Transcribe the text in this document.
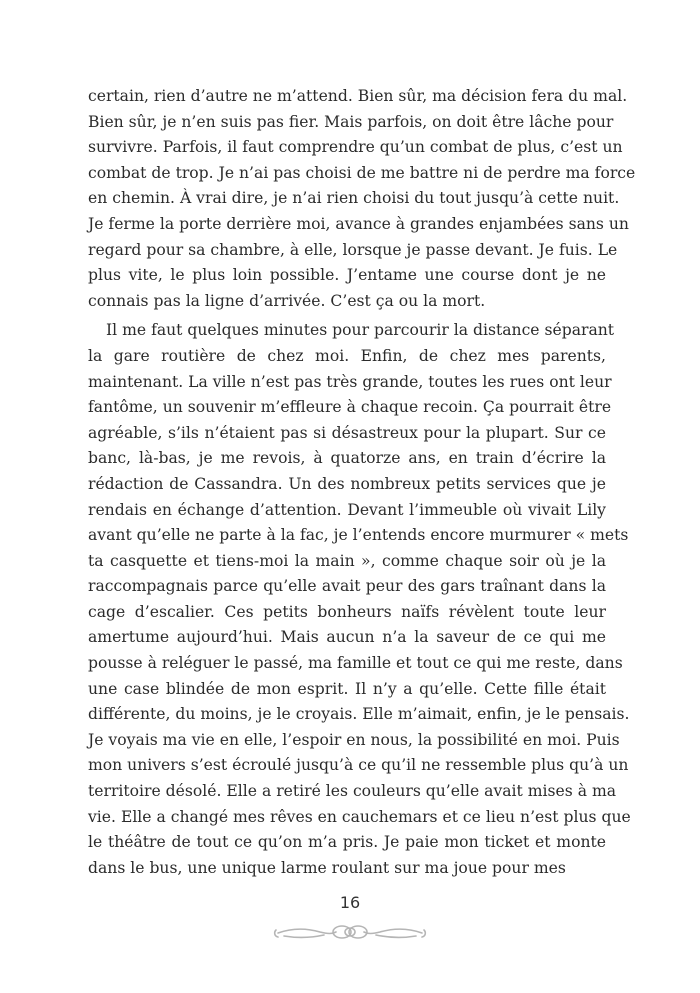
certain, rien d’autre ne m’attend. Bien sûr, ma décision fera du mal.
Bien sûr, je n’en suis pas fier. Mais parfois, on doit être lâche pour
survivre. Parfois, il faut comprendre qu’un combat de plus, c’est un
combat de trop. Je n’ai pas choisi de me battre ni de perdre ma force
en chemin. À vrai dire, je n’ai rien choisi du tout jusqu’à cette nuit.
Je ferme la porte derrière moi, avance à grandes enjambées sans un
regard pour sa chambre, à elle, lorsque je passe devant. Je fuis. Le
plus vite, le plus loin possible. J’entame une course dont je ne
connais pas la ligne d’arrivée. C’est ça ou la mort.
Il me faut quelques minutes pour parcourir la distance séparant
la gare routière de chez moi. Enfin, de chez mes parents,
maintenant. La ville n’est pas très grande, toutes les rues ont leur
fantôme, un souvenir m’effleure à chaque recoin. Ça pourrait être
agréable, s’ils n’étaient pas si désastreux pour la plupart. Sur ce
banc, là-bas, je me revois, à quatorze ans, en train d’écrire la
rédaction de Cassandra. Un des nombreux petits services que je
rendais en échange d’attention. Devant l’immeuble où vivait Lily
avant qu’elle ne parte à la fac, je l’entends encore murmurer « mets
ta casquette et tiens-moi la main », comme chaque soir où je la
raccompagnais parce qu’elle avait peur des gars traînant dans la
cage d’escalier. Ces petits bonheurs naïfs révèlent toute leur
amertume aujourd’hui. Mais aucun n’a la saveur de ce qui me
pousse à reléguer le passé, ma famille et tout ce qui me reste, dans
une case blindée de mon esprit. Il n’y a qu’elle. Cette fille était
différente, du moins, je le croyais. Elle m’aimait, enfin, je le pensais.
Je voyais ma vie en elle, l’espoir en nous, la possibilité en moi. Puis
mon univers s’est écroulé jusqu’à ce qu’il ne ressemble plus qu’à un
territoire désolé. Elle a retiré les couleurs qu’elle avait mises à ma
vie. Elle a changé mes rêves en cauchemars et ce lieu n’est plus que
le théâtre de tout ce qu’on m’a pris. Je paie mon ticket et monte
dans le bus, une unique larme roulant sur ma joue pour mes
16
